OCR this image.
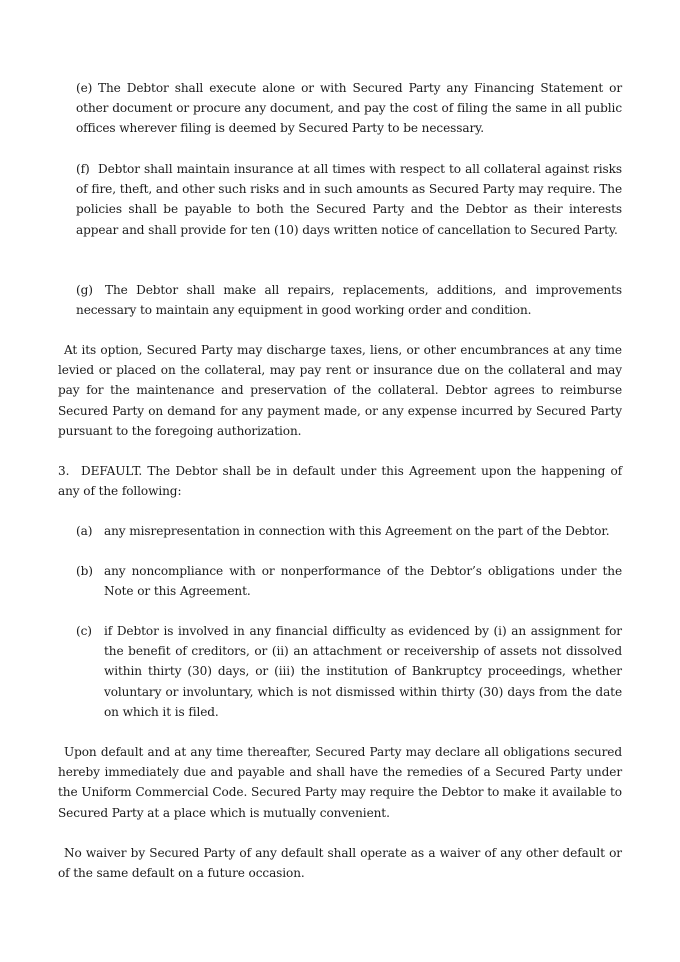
(e) The Debtor shall execute alone or with Secured Party any Financing Statement or other document or procure any document, and pay the cost of filing the same in all public offices wherever filing is deemed by Secured Party to be necessary.
(f) Debtor shall maintain insurance at all times with respect to all collateral against risks of fire, theft, and other such risks and in such amounts as Secured Party may require. The policies shall be payable to both the Secured Party and the Debtor as their interests appear and shall provide for ten (10) days written notice of cancellation to Secured Party.
(g)	The Debtor shall make all repairs, replacements, additions, and improvements necessary to maintain any equipment in good working order and condition.

At its option, Secured Party may discharge taxes, liens, or other encumbrances at any time levied or placed on the collateral, may pay rent or insurance due on the collateral and may pay for the maintenance and preservation of the collateral. Debtor agrees to reimburse Secured Party on demand for any payment made, or any expense incurred by Secured Party pursuant to the foregoing authorization.

3. DEFAULT. The Debtor shall be in default under this Agreement upon the happening of any of the following:
(a) any misrepresentation in connection with this Agreement on the part of the Debtor.
(b) any noncompliance with or nonperformance of the Debtor’s obligations under the Note or this Agreement.
(c) if Debtor is involved in any financial difficulty as evidenced by (i) an assignment for the benefit of creditors, or (ii) an attachment or receivership of assets not dissolved within thirty (30) days, or (iii) the institution of Bankruptcy proceedings, whether voluntary or involuntary, which is not dismissed within thirty (30) days from the date on which it is filed.

Upon default and at any time thereafter, Secured Party may declare all obligations secured hereby immediately due and payable and shall have the remedies of a Secured Party under the Uniform Commercial Code. Secured Party may require the Debtor to make it available to Secured Party at a place which is mutually convenient.

No waiver by Secured Party of any default shall operate as a waiver of any other default or of the same default on a future occasion.
